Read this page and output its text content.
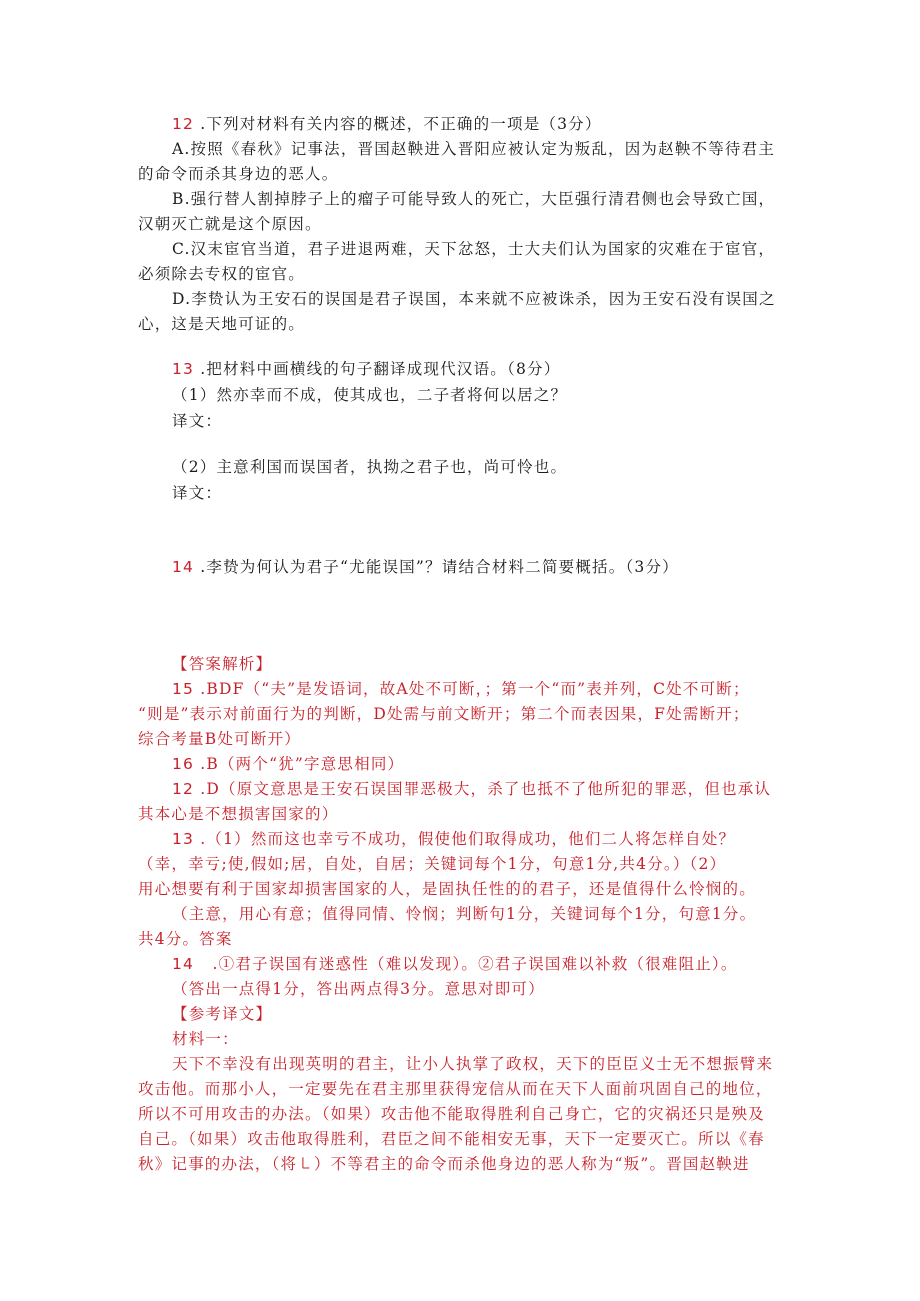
12 .下列对材料有关内容的概述，不正确的一项是（3分）
A.按照《春秋》记事法，晋国赵鞅进入晋阳应被认定为叛乱，因为赵鞅不等待君主
的命令而杀其身边的恶人。
B.强行替人割掉脖子上的瘤子可能导致人的死亡，大臣强行清君侧也会导致亡国，
汉朝灭亡就是这个原因。
C.汉末宦官当道，君子进退两难，天下忿怒，士大夫们认为国家的灾难在于宦官，
必须除去专权的宦官。
D.李贽认为王安石的误国是君子误国，本来就不应被诛杀，因为王安石没有误国之
心，这是天地可证的。
13 .把材料中画横线的句子翻译成现代汉语。（8分）
（1）然亦幸而不成，使其成也，二子者将何以居之？
译文：
（2）主意利国而误国者，执拗之君子也，尚可怜也。
译文：
14 .李贽为何认为君子“尤能误国”？请结合材料二简要概括。（3分）
【答案解析】
15 .BDF（“夫”是发语词，故A处不可断，；第一个“而”表并列，C处不可断；
“则是”表示对前面行为的判断，D处需与前文断开；第二个而表因果，F处需断开；
综合考量B处可断开）
16 .B（两个“犹”字意思相同）
12 .D（原文意思是王安石误国罪恶极大，杀了也抵不了他所犯的罪恶，但也承认
其本心是不想损害国家的）
13 .（1）然而这也幸亏不成功，假使他们取得成功，他们二人将怎样自处？
（幸，幸亏;使,假如;居，自处，自居；关键词每个1分，句意1分,共4分。）（2）
用心想要有利于国家却损害国家的人，是固执任性的的君子，还是值得什么怜悯的。
（主意，用心有意；值得同情、怜悯；判断句1分，关键词每个1分，句意1分。
共4分。答案
14 .①君子误国有迷惑性（难以发现）。②君子误国难以补救（很难阻止）。
（答出一点得1分，答出两点得3分。意思对即可）
【参考译文】
材料一：
天下不幸没有出现英明的君主，让小人执掌了政权，天下的臣臣义士无不想振臂来
攻击他。而那小人，一定要先在君主那里获得宠信从而在天下人面前巩固自己的地位，
所以不可用攻击的办法。（如果）攻击他不能取得胜利自己身亡，它的灾祸还只是殃及
自己。（如果）攻击他取得胜利，君臣之间不能相安无事，天下一定要灭亡。所以《春
秋》记事的办法，（将㇄）不等君主的命令而杀他身边的恶人称为“叛”。晋国赵鞅进
